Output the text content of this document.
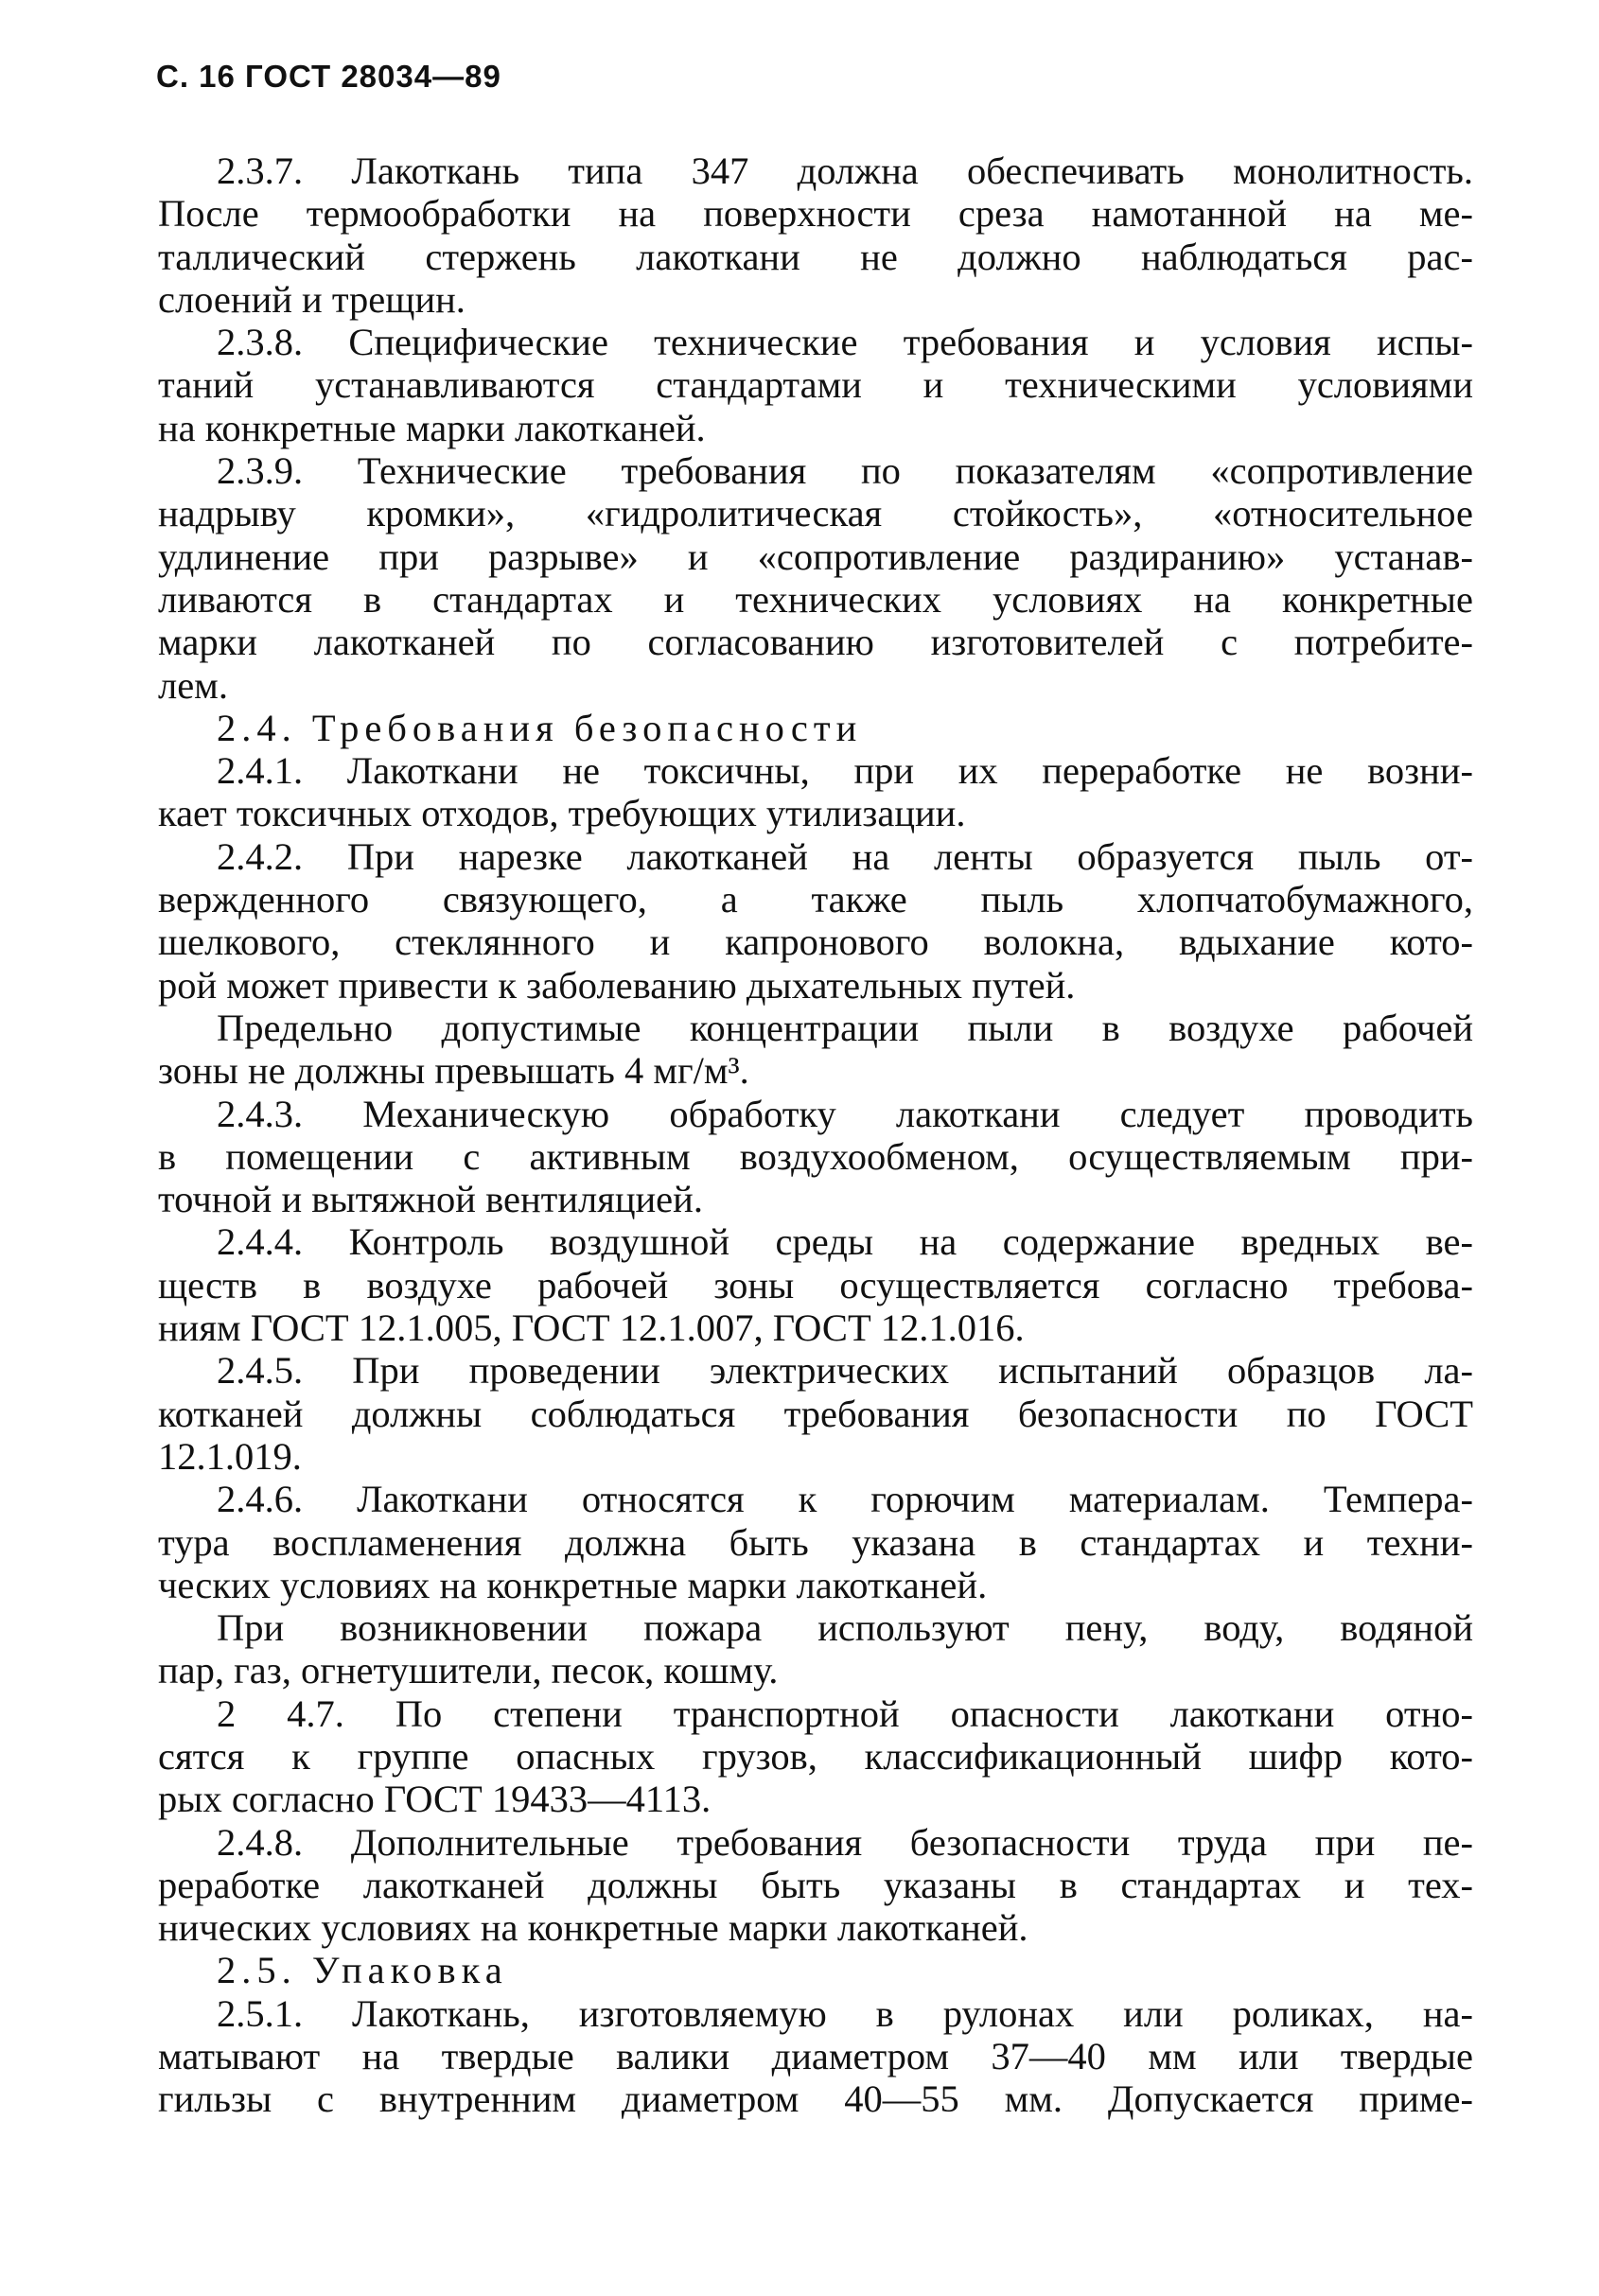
С. 16 ГОСТ 28034—89
2.3.7. Лакоткань типа 347 должна обеспечивать монолитность.
После термообработки на поверхности среза намотанной на ме-
таллический стержень лакоткани не должно наблюдаться рас-
слоений и трещин.
2.3.8. Специфические технические требования и условия испы-
таний устанавливаются стандартами и техническими условиями
на конкретные марки лакотканей.
2.3.9. Технические требования по показателям «сопротивление
надрыву кромки», «гидролитическая стойкость», «относительное
удлинение при разрыве» и «сопротивление раздиранию» устанав-
ливаются в стандартах и технических условиях на конкретные
марки лакотканей по согласованию изготовителей с потребите-
лем.
2.4. Требования безопасности
2.4.1. Лакоткани не токсичны, при их переработке не возни-
кает токсичных отходов, требующих утилизации.
2.4.2. При нарезке лакотканей на ленты образуется пыль от-
вержденного связующего, а также пыль хлопчатобумажного,
шелкового, стеклянного и капронового волокна, вдыхание кото-
рой может привести к заболеванию дыхательных путей.
Предельно допустимые концентрации пыли в воздухе рабочей
зоны не должны превышать 4 мг/м³.
2.4.3. Механическую обработку лакоткани следует проводить
в помещении с активным воздухообменом, осуществляемым при-
точной и вытяжной вентиляцией.
2.4.4. Контроль воздушной среды на содержание вредных ве-
ществ в воздухе рабочей зоны осуществляется согласно требова-
ниям ГОСТ 12.1.005, ГОСТ 12.1.007, ГОСТ 12.1.016.
2.4.5. При проведении электрических испытаний образцов ла-
котканей должны соблюдаться требования безопасности по ГОСТ
12.1.019.
2.4.6. Лакоткани относятся к горючим материалам. Темпера-
тура воспламенения должна быть указана в стандартах и техни-
ческих условиях на конкретные марки лакотканей.
При возникновении пожара используют пену, воду, водяной
пар, газ, огнетушители, песок, кошму.
2 4.7. По степени транспортной опасности лакоткани отно-
сятся к группе опасных грузов, классификационный шифр кото-
рых согласно ГОСТ 19433—4113.
2.4.8. Дополнительные требования безопасности труда при пе-
реработке лакотканей должны быть указаны в стандартах и тех-
нических условиях на конкретные марки лакотканей.
2.5. Упаковка
2.5.1. Лакоткань, изготовляемую в рулонах или роликах, на-
матывают на твердые валики диаметром 37—40 мм или твердые
гильзы с внутренним диаметром 40—55 мм. Допускается приме-
